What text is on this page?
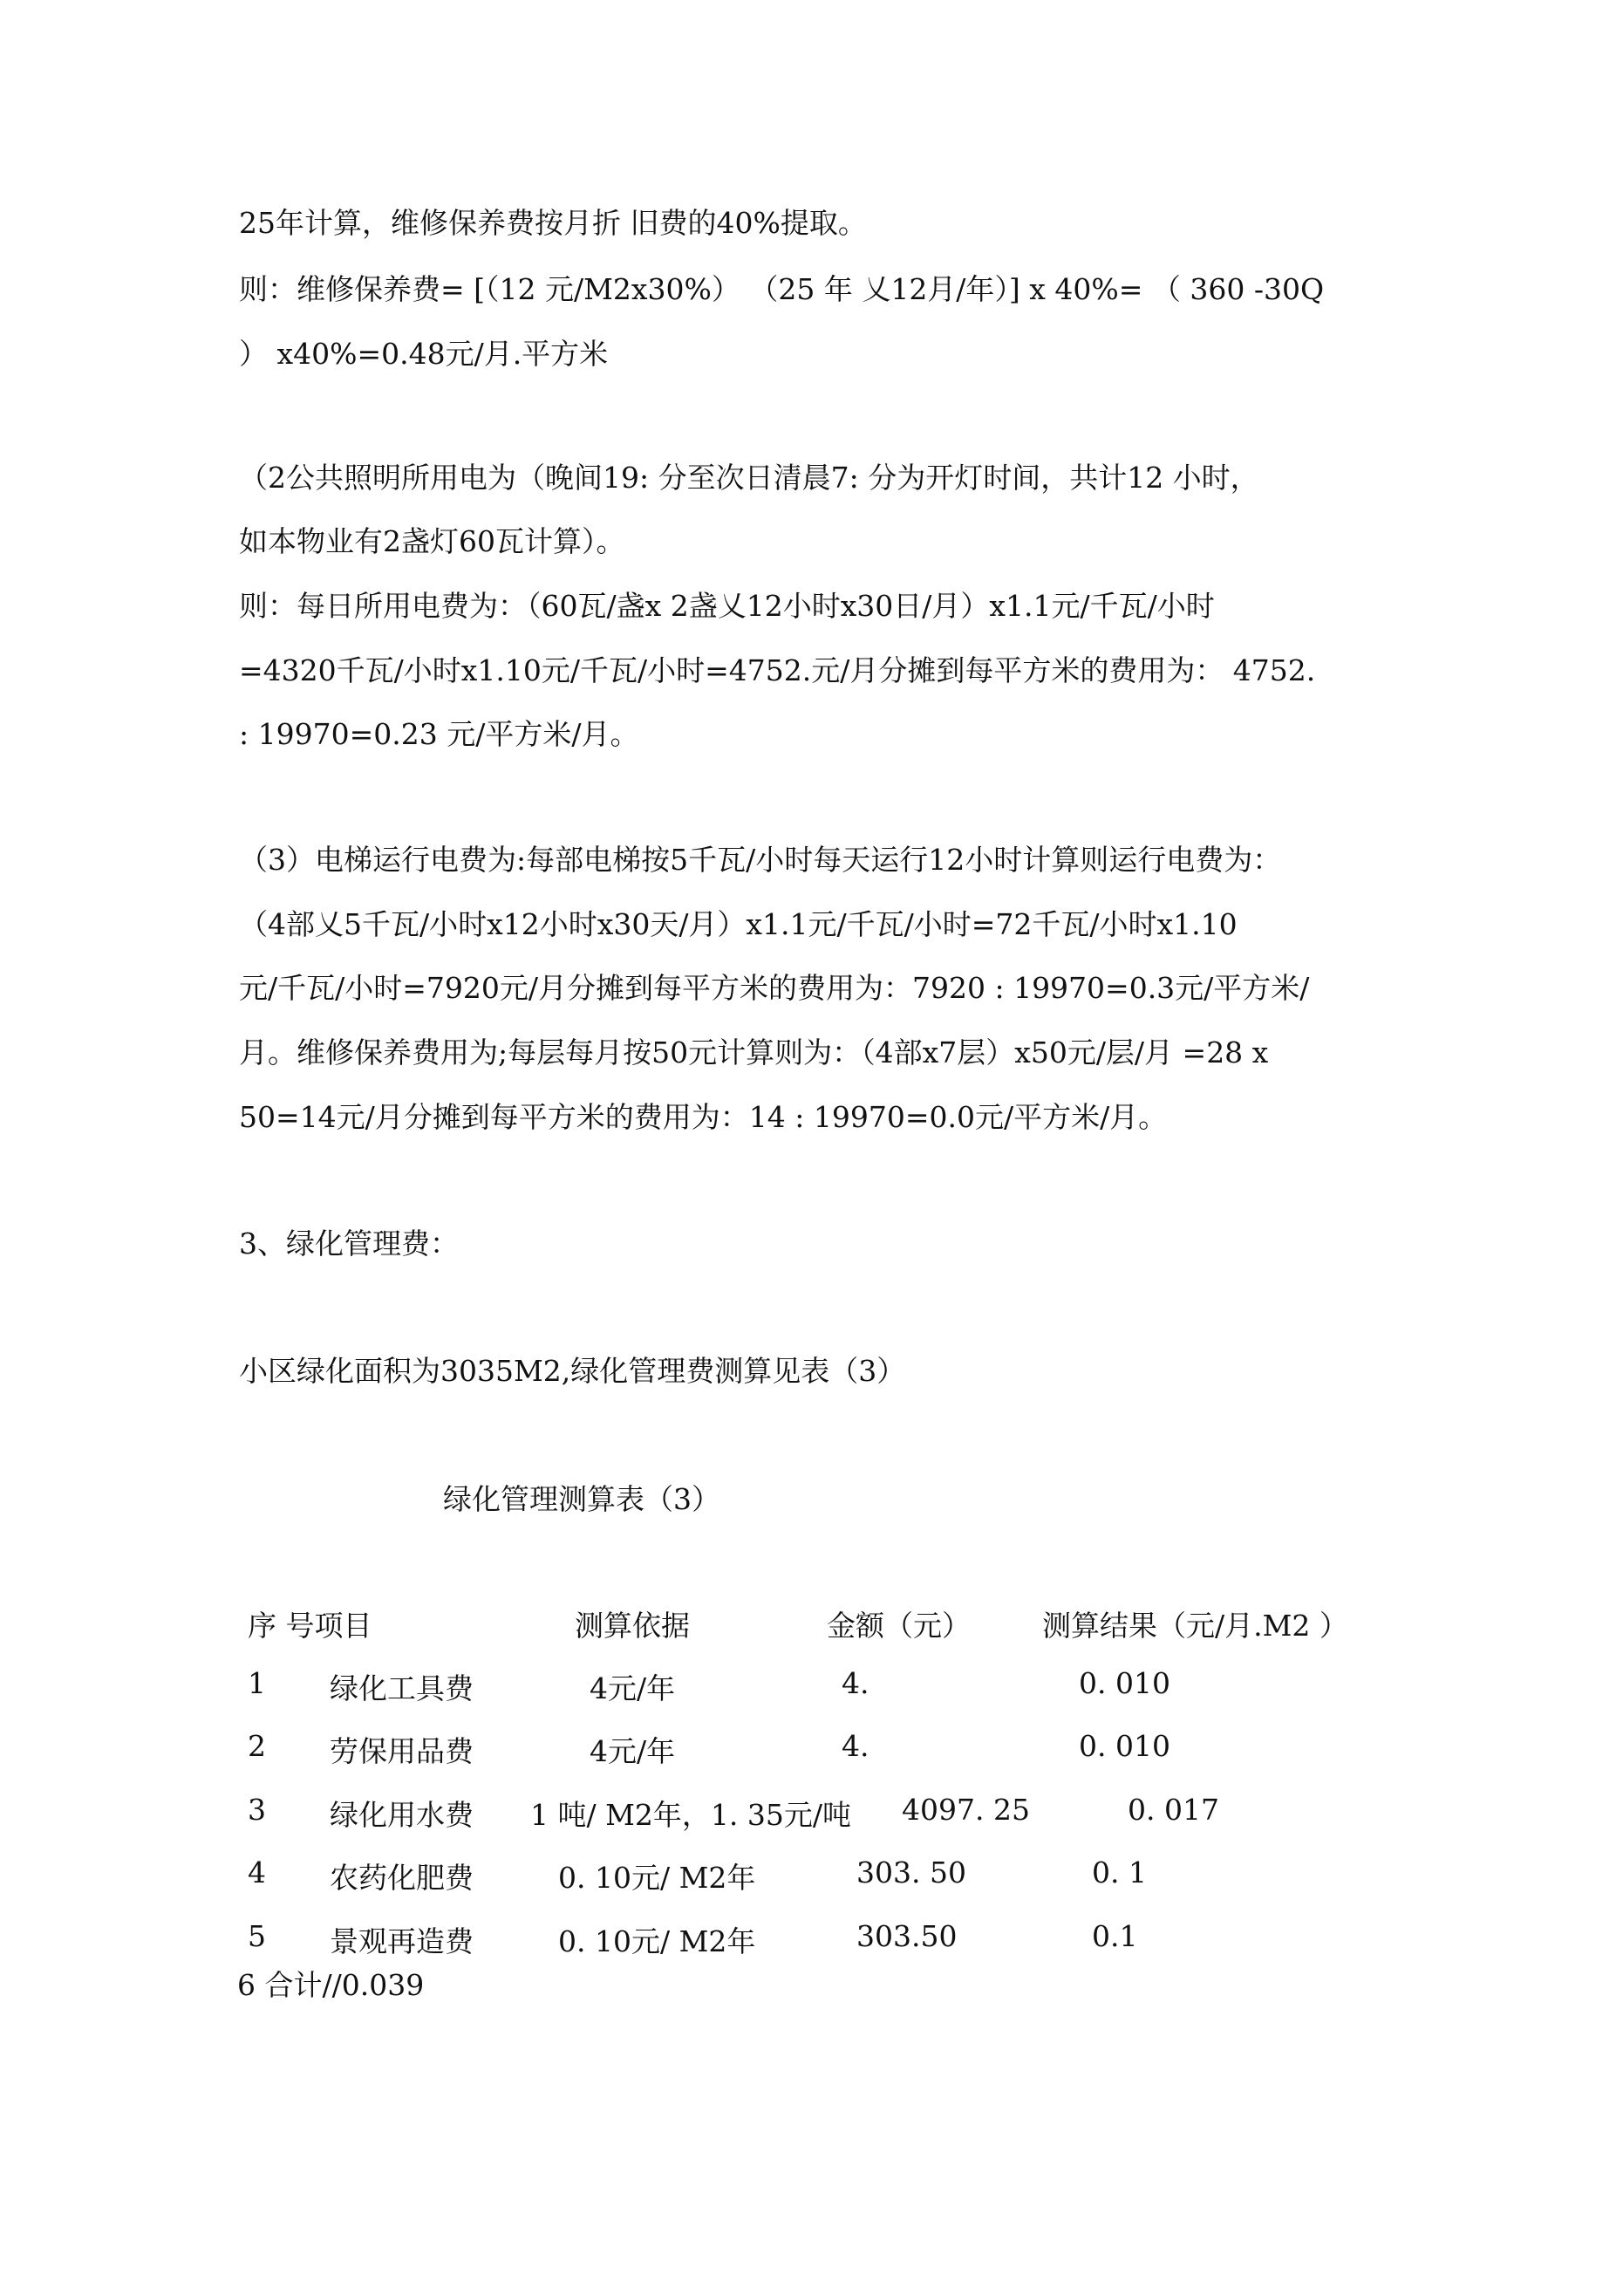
25年计算，维修保养费按月折 旧费的40%提取。
则：维修保养费= [（12 元/M2x30%） （25 年 乂12月/年）] x 40%= （ 360 -30Q
） x40%=0.48元/月.平方米
（2公共照明所用电为（晚间19: 分至次日清晨7: 分为开灯时间，共计12 小时，
如本物业有2盏灯60瓦计算）。
则：每日所用电费为：（60瓦/盏x 2盏乂12小时x30日/月）x1.1元/千瓦/小时
=4320千瓦/小时x1.10元/千瓦/小时=4752.元/月分摊到每平方米的费用为： 4752.
: 19970=0.23 元/平方米/月。
（3）电梯运行电费为:每部电梯按5千瓦/小时每天运行12小时计算则运行电费为：
（4部乂5千瓦/小时x12小时x30天/月）x1.1元/千瓦/小时=72千瓦/小时x1.10
元/千瓦/小时=7920元/月分摊到每平方米的费用为：7920 : 19970=0.3元/平方米/
月。维修保养费用为;每层每月按50元计算则为：（4部x7层）x50元/层/月 =28 x
50=14元/月分摊到每平方米的费用为：14 : 19970=0.0元/平方米/月。
3、绿化管理费：
小区绿化面积为3035M2,绿化管理费测算见表（3）
绿化管理测算表（3）
序 号项目	测算依据	金额（元） 测算结果（元/月.M2 ）
1 绿化工具费	4元/年	4.	0. 010
2 劳保用品费	4元/年	4.	0. 010
3 绿化用水费 1 吨/ M2年，1. 35元/吨 4097. 25	0. 017
4 农药化肥费	0. 10元/ M2年	303. 50	0. 1
5 景观再造费	0. 10元/ M2年	303.50	0.1
6 合计//0.039
